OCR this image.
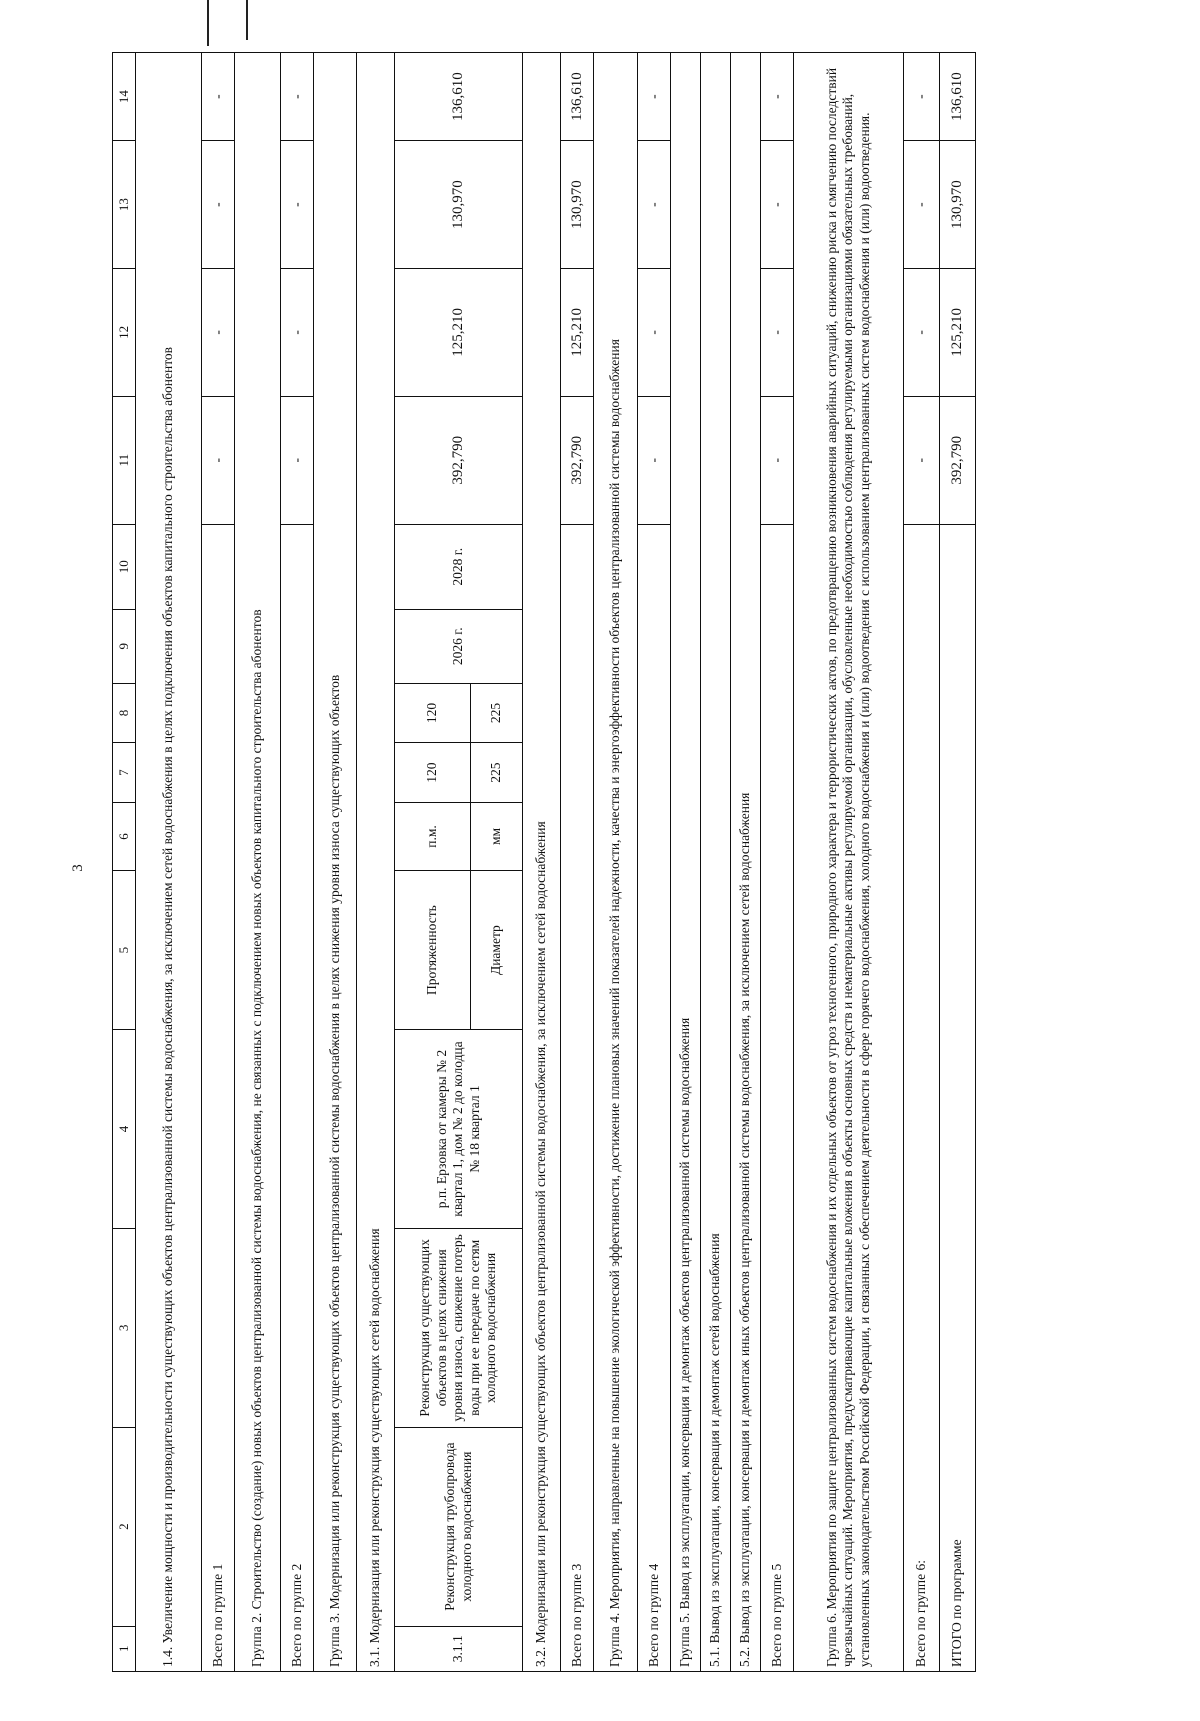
3
1	2	3	4	5	6	7	8	9	10	11	12	13	14
1.4. Увеличение мощности и производительности существующих объектов централизованной системы водоснабжения, за исключением сетей водоснабжения в целях подключения объектов капитального строительства абонентов													
Всего по группе 1										-	-	-	-
Группа 2. Строительство (создание) новых объектов централизованной системы водоснабжения, не связанных с подключением новых объектов капитального строительства абонентов													
Всего по группе 2										-	-	-	-
Группа 3. Модернизация или реконструкция существующих объектов централизованной системы водоснабжения в целях снижения уровня износа существующих объектов													
3.1. Модернизация или реконструкция существующих сетей водоснабжения													
3.1.1	Реконструкция трубопровода холодного водоснабжения	Реконструкция существующих объектов в целях снижения уровня износа, снижение потерь воды при ее передаче по сетям холодного водоснабжения	р.п. Ерзовка от камеры № 2 квартал 1, дом № 2 до колодца № 18 квартал 1	Протяженность	п.м.	120	120	2026 г.	2028 г.	392,790	125,210	130,970	136,610
				Диаметр	мм	225	225						
3.2. Модернизация или реконструкция существующих объектов централизованной системы водоснабжения, за исключением сетей водоснабжения													
Всего по группе 3										392,790	125,210	130,970	136,610
Группа 4. Мероприятия, направленные на повышение экологической эффективности, достижение плановых значений показателей надежности, качества и энергоэффективности объектов централизованной системы водоснабжения													
Всего по группе 4										-	-	-	-
Группа 5. Вывод из эксплуатации, консервация и демонтаж объектов централизованной системы водоснабжения													
5.1. Вывод из эксплуатации, консервация и демонтаж сетей водоснабжения													
5.2. Вывод из эксплуатации, консервация и демонтаж иных объектов централизованной системы водоснабжения, за исключением сетей водоснабжения													
Всего по группе 5										-	-	-	-
Группа 6. Мероприятия по защите централизованных систем водоснабжения и их отдельных объектов от угроз техногенного, природного характера и террористических актов, по предотвращению возникновения аварийных ситуаций, снижению риска и смягчению последствий чрезвычайных ситуаций. Мероприятия, предусматривающие капитальные вложения в объекты основных средств и нематериальные активы регулируемой организации, обусловленные необходимостью соблюдения регулируемыми организациями обязательных требований, установленных законодательством Российской Федерации, и связанных с обеспечением деятельности в сфере горячего водоснабжения, холодного водоснабжения и (или) водоотведения с использованием централизованных систем водоснабжения и (или) водоотведения.													
Всего по группе 6:										-	-	-	-
ИТОГО по программе										392,790	125,210	130,970	136,610
